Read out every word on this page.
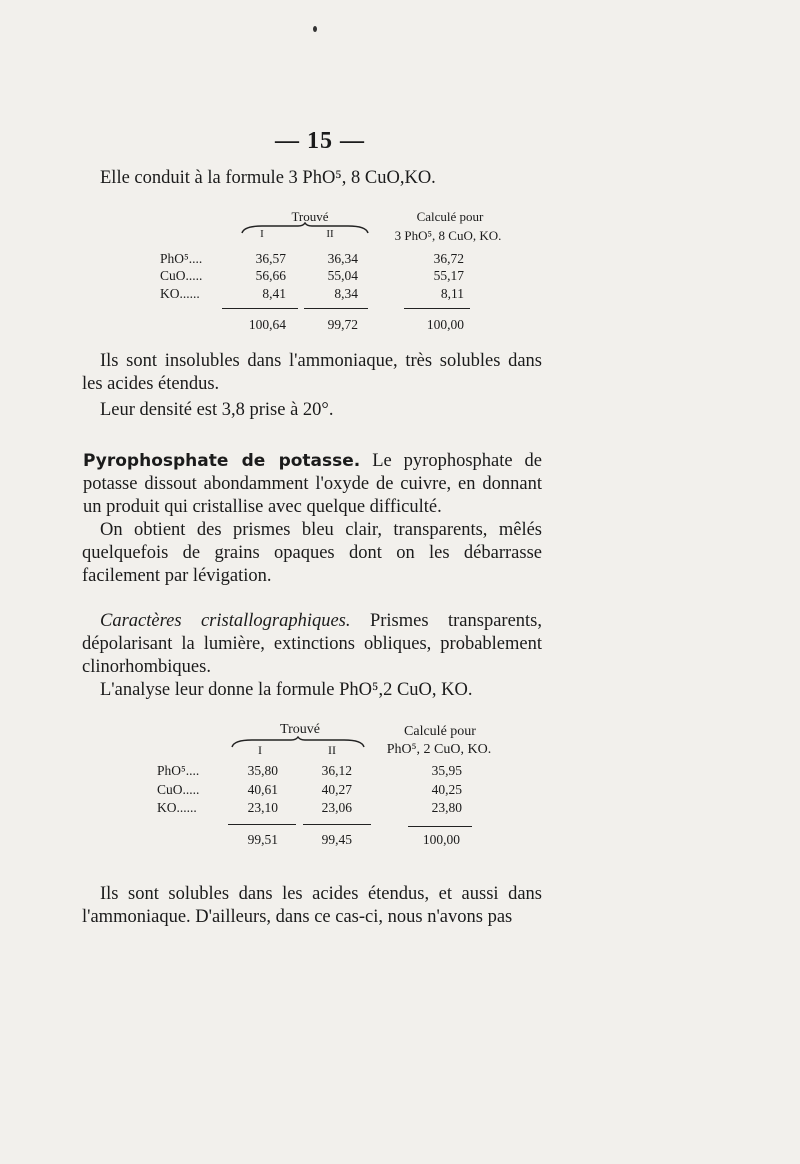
— 15 —

Elle conduit à la formule 3 PhO⁵, 8 CuO,KO.

Trouvé	Calculé pour
I	II	3 PhO⁵, 8 CuO, KO.
PhO⁵....	36,57	36,34	36,72
CuO.....	56,66	55,04	55,17
KO......	8,41	8,34	8,11
100,64	99,72	100,00

Ils sont insolubles dans l'ammoniaque, très solubles dans les acides étendus.

Leur densité est 3,8 prise à 20°.

Pyrophosphate de potasse. Le pyrophosphate de potasse dissout abondamment l'oxyde de cuivre, en donnant un produit qui cristallise avec quelque difficulté.

On obtient des prismes bleu clair, transparents, mêlés quelquefois de grains opaques dont on les débarrasse facilement par lévigation.

Caractères cristallographiques. Prismes transparents, dépolarisant la lumière, extinctions obliques, probablement clinorhombiques.

L'analyse leur donne la formule PhO⁵,2 CuO, KO.

Trouvé	Calculé pour
I	II	PhO⁵, 2 CuO, KO.
PhO⁵....	35,80	36,12	35,95
CuO.....	40,61	40,27	40,25
KO......	23,10	23,06	23,80
99,51	99,45	100,00

Ils sont solubles dans les acides étendus, et aussi dans l'ammoniaque. D'ailleurs, dans ce cas-ci, nous n'avons pas
